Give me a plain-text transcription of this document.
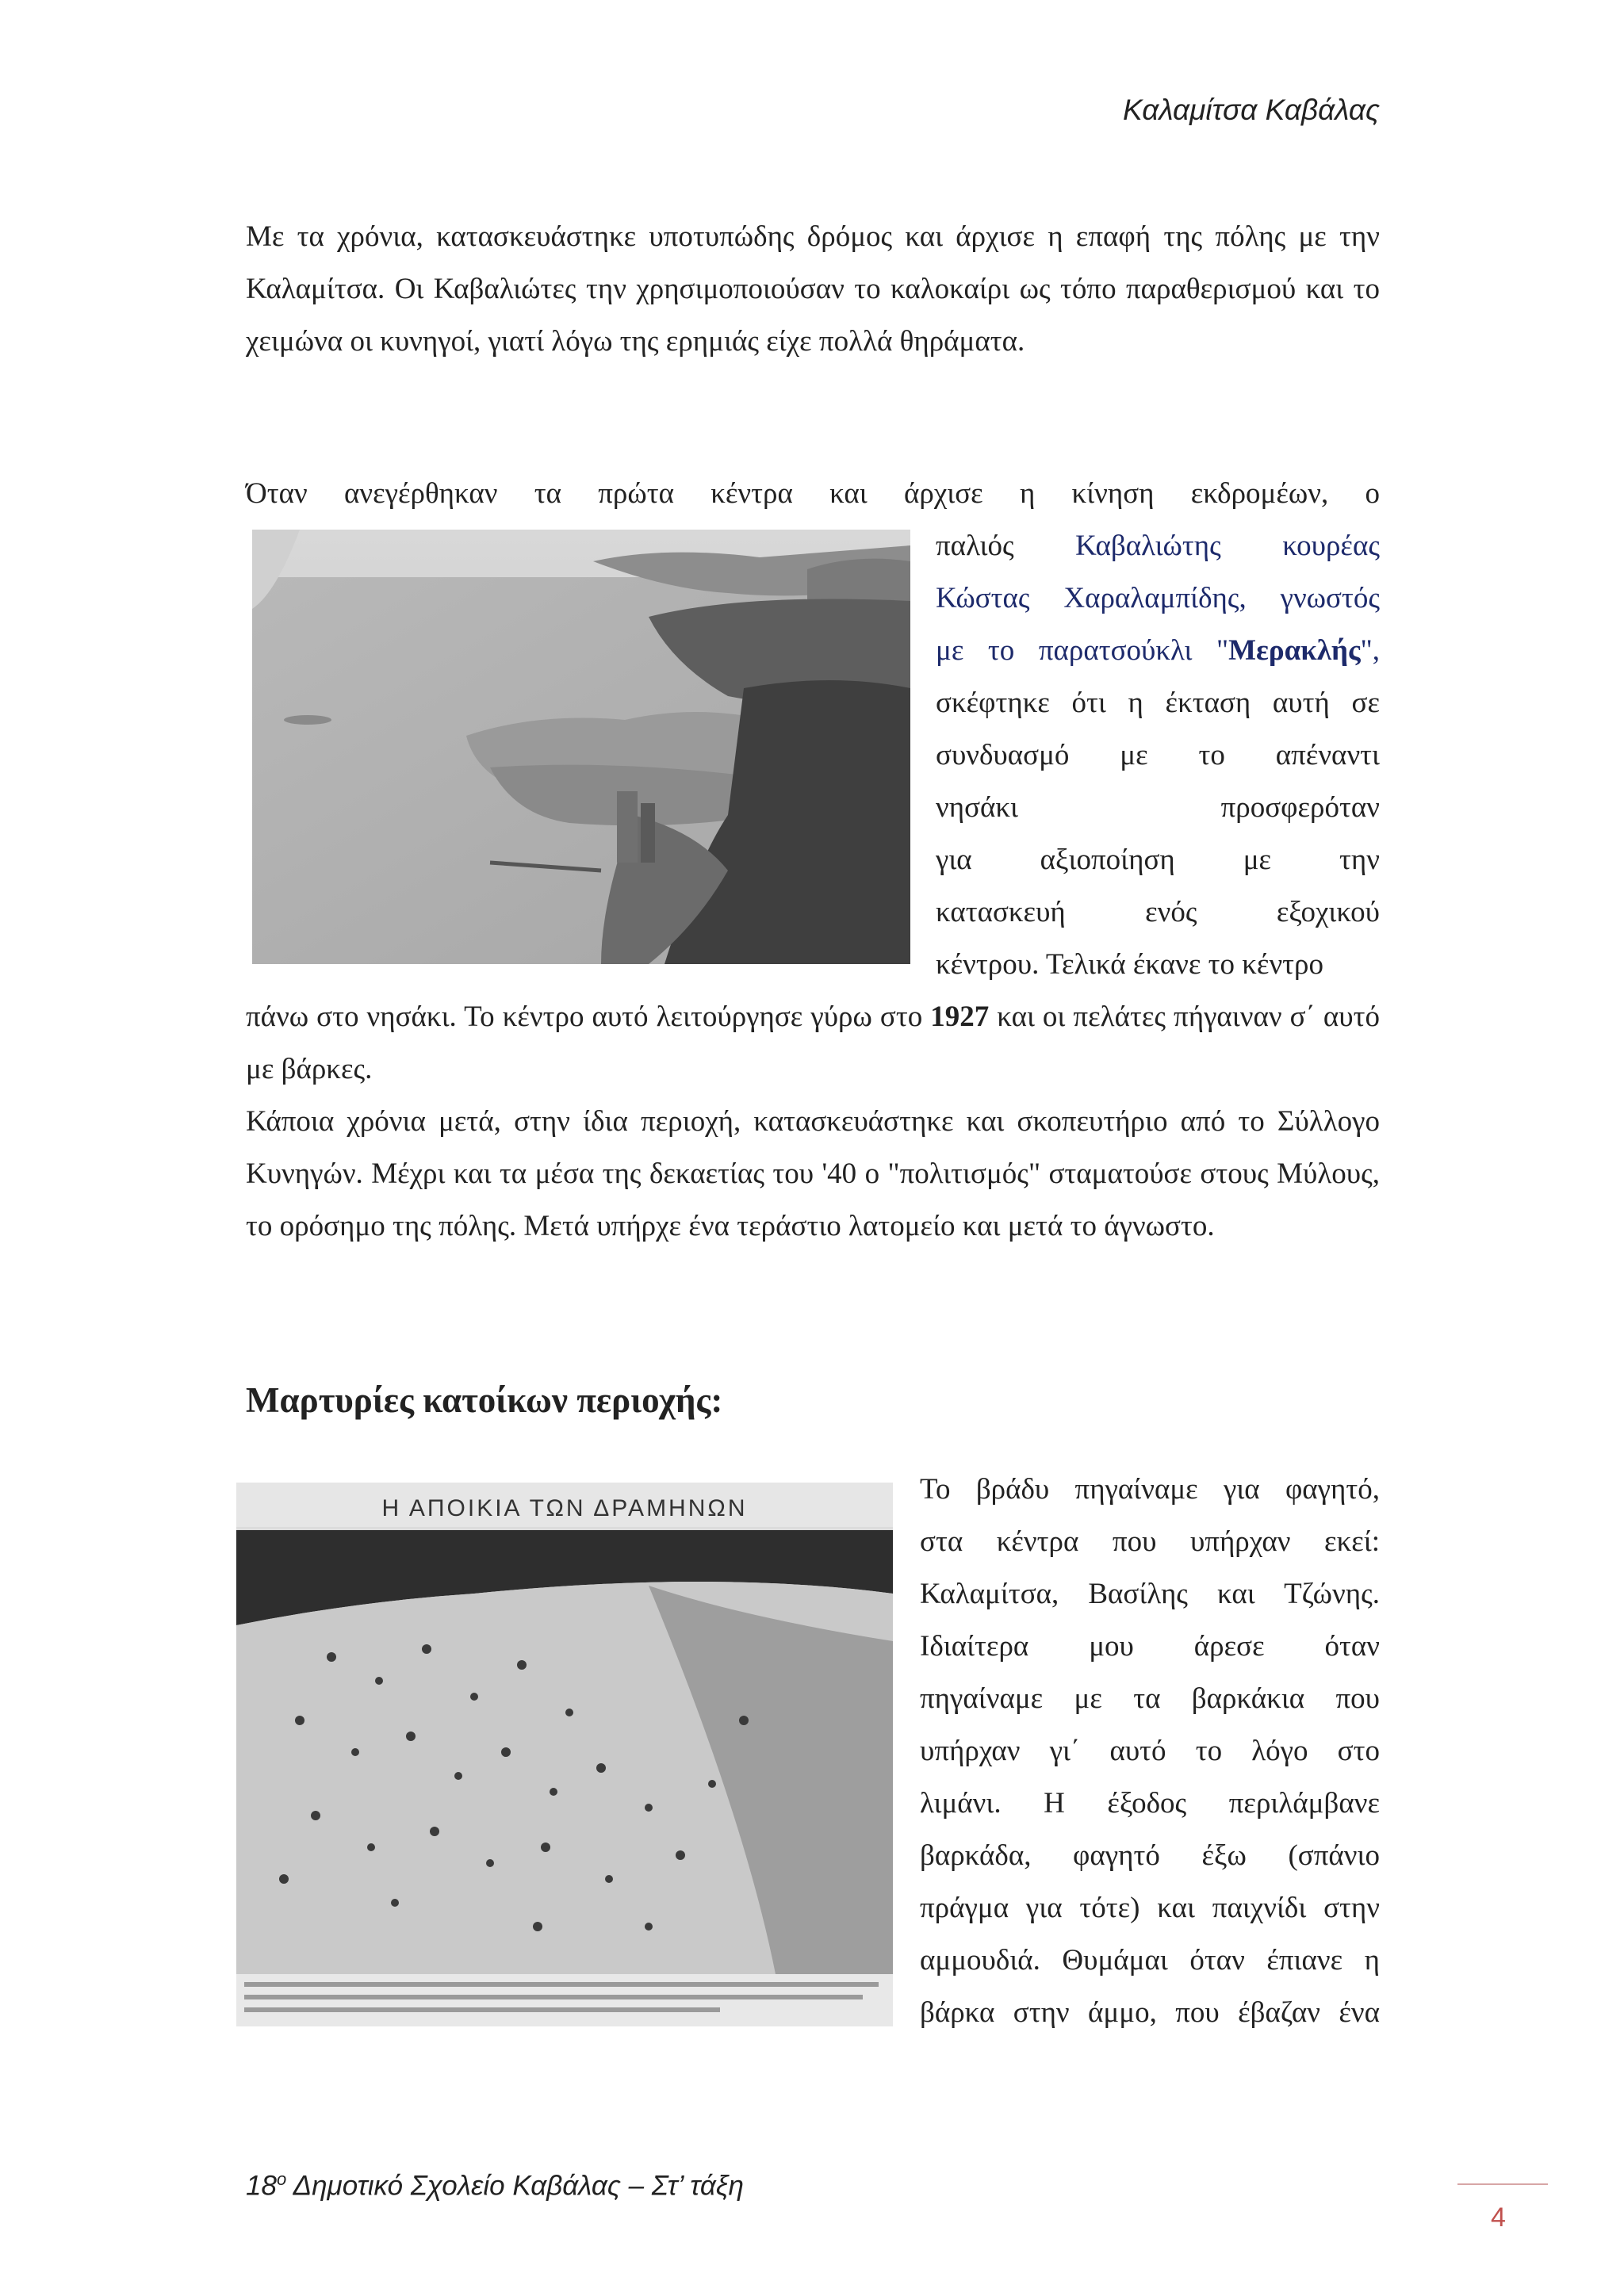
Καλαμίτσα Καβάλας

Με τα χρόνια, κατασκευάστηκε υποτυπώδης δρόμος και άρχισε η επαφή της πόλης με την Καλαμίτσα. Οι Καβαλιώτες την χρησιμοποιούσαν το καλοκαίρι ως τόπο παραθερισμού και το χειμώνα οι κυνηγοί, γιατί λόγω της ερημιάς είχε πολλά θηράματα.

Όταν ανεγέρθηκαν τα πρώτα κέντρα και άρχισε η κίνηση εκδρομέων, ο

παλιός Καβαλιώτης κουρέας
Κώστας Χαραλαμπίδης, γνωστός
με το παρατσούκλι "Μερακλής",
σκέφτηκε ότι η έκταση αυτή σε
συνδυασμό με το απέναντι
νησάκι προσφερόταν
για αξιοποίηση με την
κατασκευή ενός εξοχικού
κέντρου. Τελικά έκανε το κέντρο

πάνω στο νησάκι. Το κέντρο αυτό λειτούργησε γύρω στο 1927 και οι πελάτες πήγαιναν σ΄ αυτό με βάρκες.

Κάποια χρόνια μετά, στην ίδια περιοχή, κατασκευάστηκε και σκοπευτήριο από το Σύλλογο Κυνηγών. Μέχρι και τα μέσα της δεκαετίας του '40 ο "πολιτισμός" σταματούσε στους Μύλους, το ορόσημο της πόλης. Μετά υπήρχε ένα τεράστιο λατομείο και μετά το άγνωστο.

Μαρτυρίες κατοίκων περιοχής:
Η ΑΠΟΙΚΙΑ ΤΩΝ ΔΡΑΜΗΝΩΝ
Το βράδυ πηγαίναμε για φαγητό,
στα κέντρα που υπήρχαν εκεί:
Καλαμίτσα, Βασίλης και Τζώνης.
Ιδιαίτερα μου άρεσε όταν
πηγαίναμε με τα βαρκάκια που
υπήρχαν γι΄ αυτό το λόγο στο
λιμάνι. Η έξοδος περιλάμβανε
βαρκάδα, φαγητό έξω (σπάνιο
πράγμα για τότε) και παιχνίδι στην
αμμουδιά. Θυμάμαι όταν έπιανε η
βάρκα στην άμμο, που έβαζαν ένα
$18^o$ Δημοτικό Σχολείο Καβάλας – Στ’ τάξη
4
